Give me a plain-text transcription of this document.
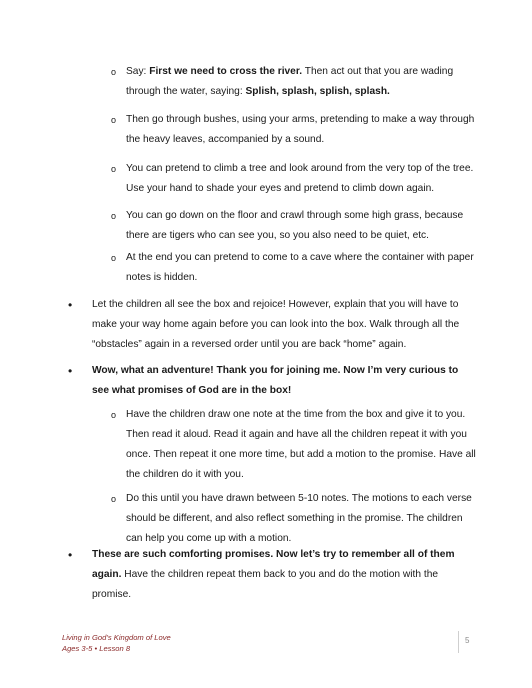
o Say: First we need to cross the river. Then act out that you are wading through the water, saying: Splish, splash, splish, splash.
o Then go through bushes, using your arms, pretending to make a way through the heavy leaves, accompanied by a sound.
o You can pretend to climb a tree and look around from the very top of the tree. Use your hand to shade your eyes and pretend to climb down again.
o You can go down on the floor and crawl through some high grass, because there are tigers who can see you, so you also need to be quiet, etc.
o At the end you can pretend to come to a cave where the container with paper notes is hidden.
• Let the children all see the box and rejoice! However, explain that you will have to make your way home again before you can look into the box. Walk through all the “obstacles” again in a reversed order until you are back “home” again.
• Wow, what an adventure! Thank you for joining me. Now I’m very curious to see what promises of God are in the box!
o Have the children draw one note at the time from the box and give it to you. Then read it aloud. Read it again and have all the children repeat it with you once. Then repeat it one more time, but add a motion to the promise. Have all the children do it with you.
o Do this until you have drawn between 5-10 notes. The motions to each verse should be different, and also reflect something in the promise. The children can help you come up with a motion.
• These are such comforting promises. Now let’s try to remember all of them again. Have the children repeat them back to you and do the motion with the promise.
Living in God’s Kingdom of Love
Ages 3-5 • Lesson 8
5
